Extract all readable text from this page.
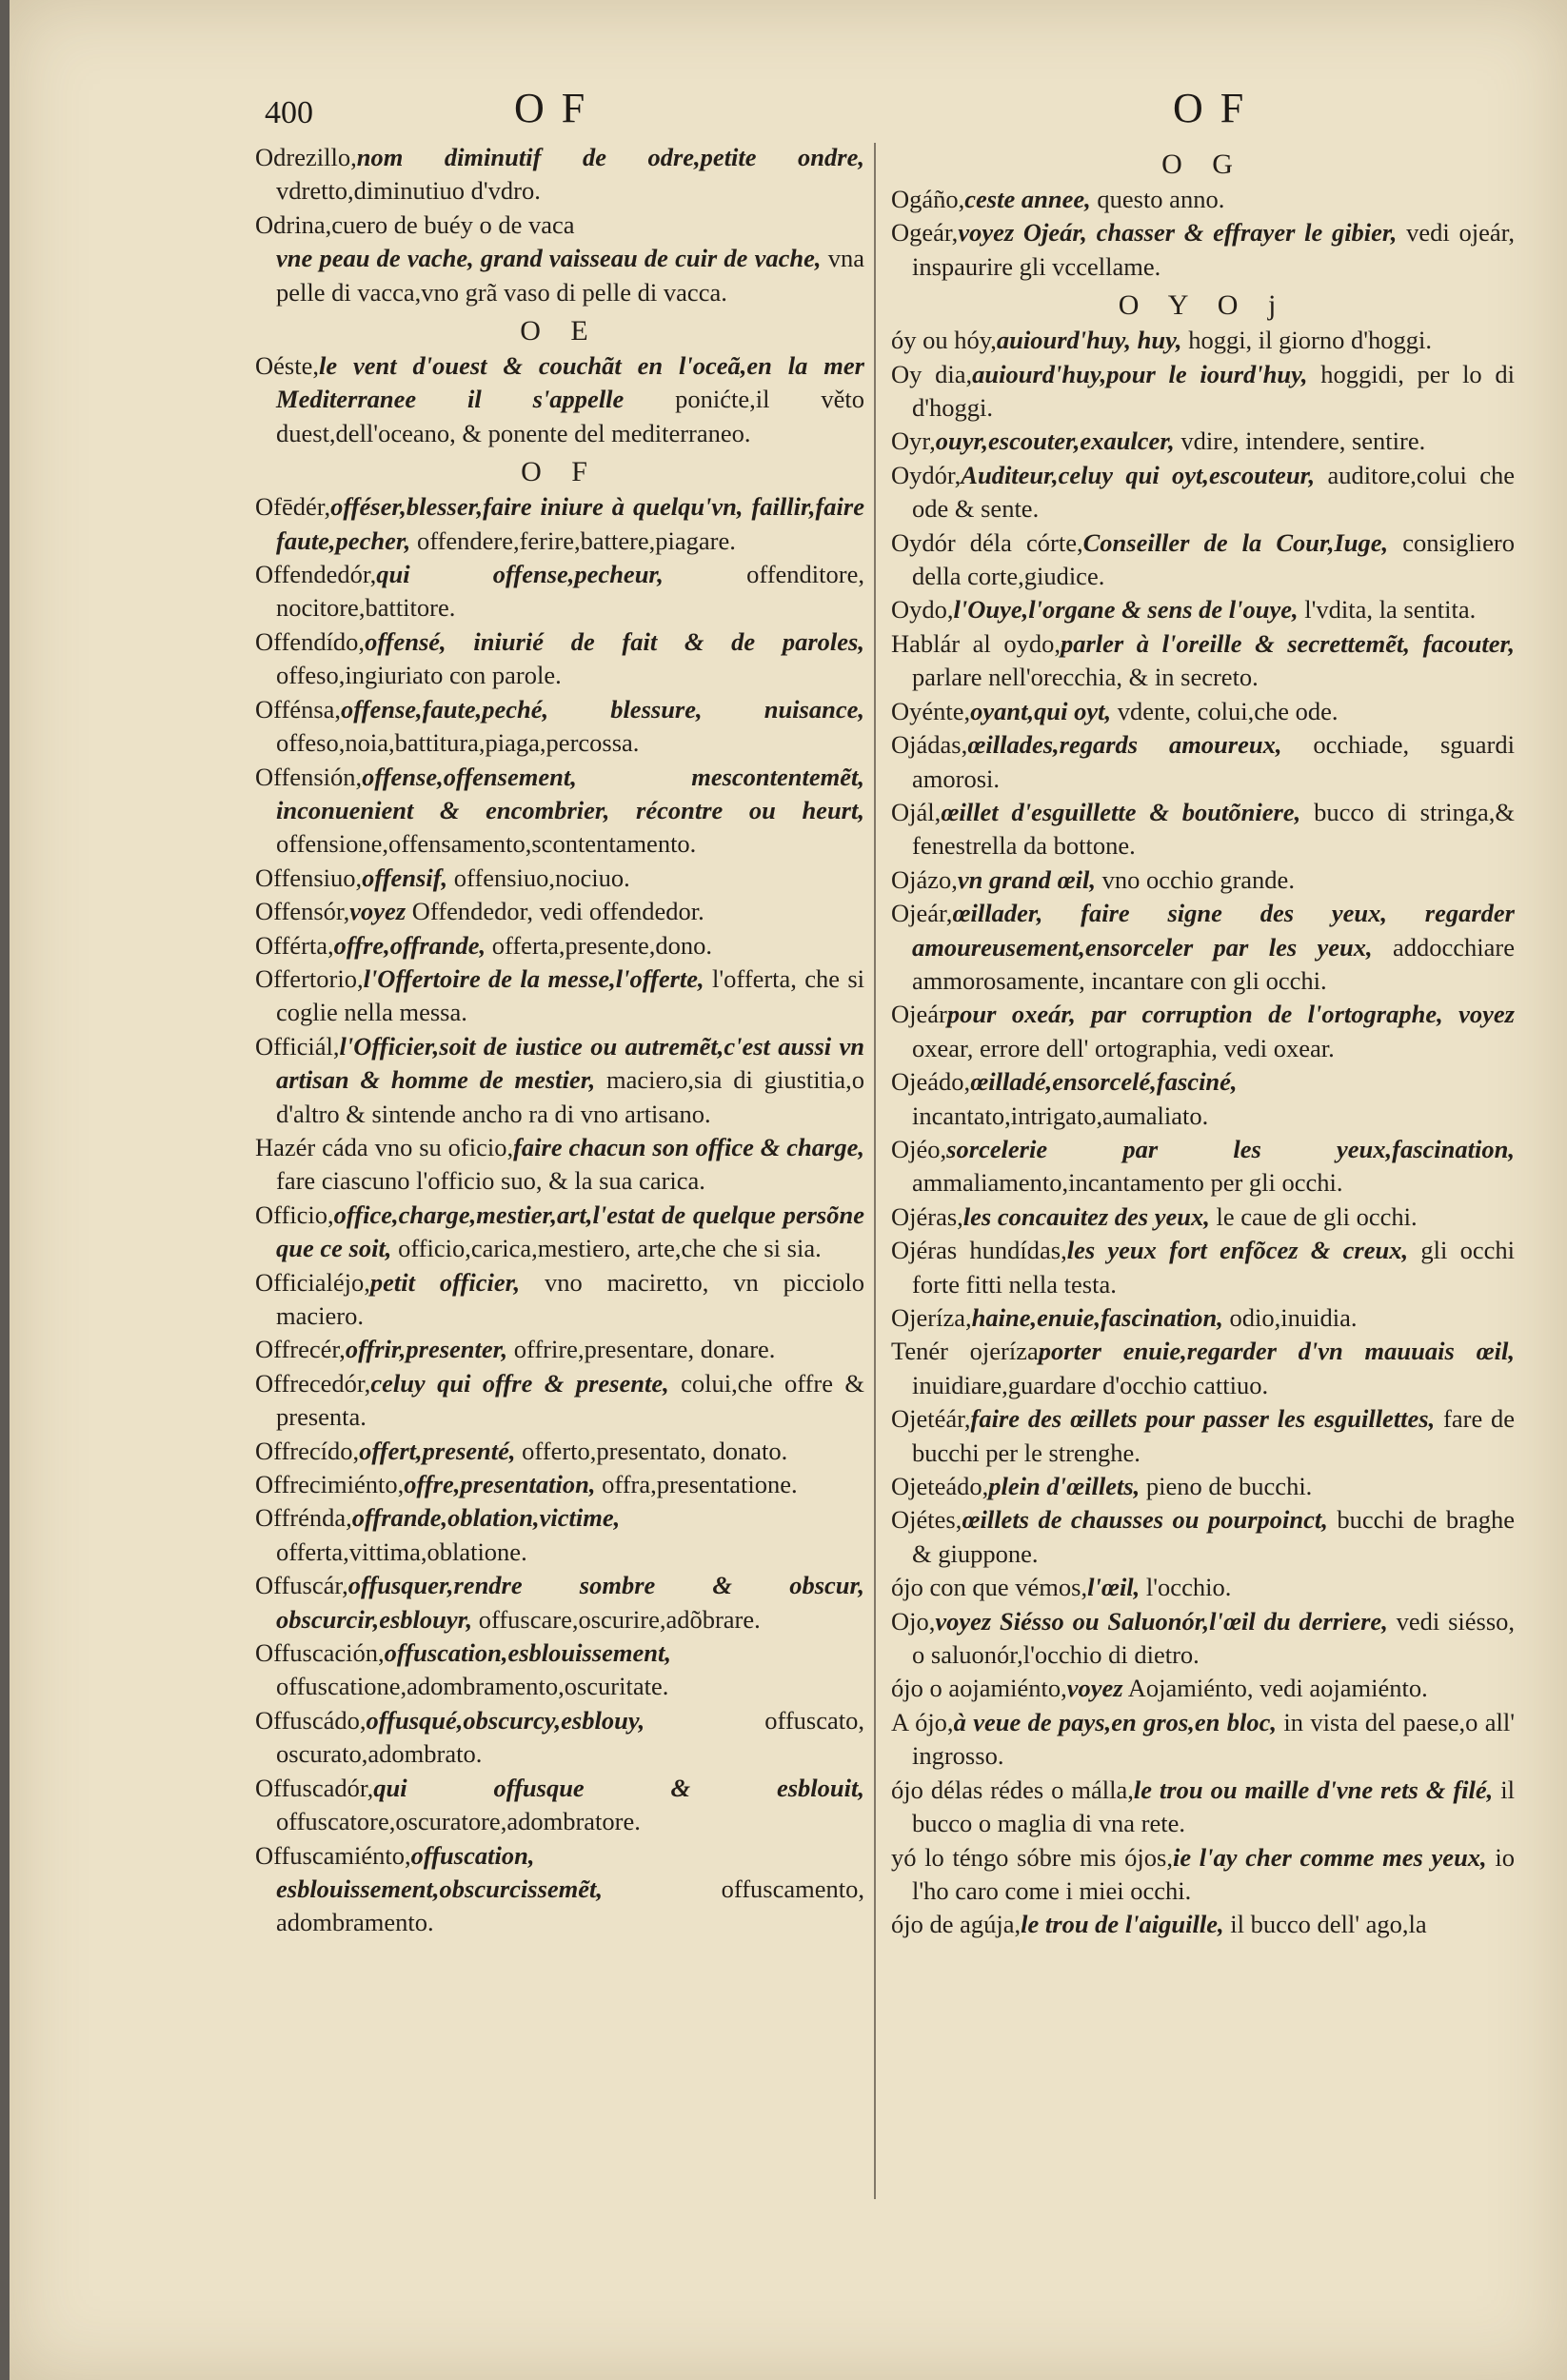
400	OF	OF
Odrezillo,nom diminutif de odre,petite ondre, vdretto,diminutiuo d'vdro.
Odrina,cuero de buéy o de vaca
vne peau de vache, grand vaisseau de cuir de vache, vna pelle di vacca,vno grã vaso di pelle di vacca.
O E
Oéste,le vent d'ouest & couchãt en l'oceã,en la mer Mediterranee il s'appelle ponićte,il věto duest,dell'oceano, & ponente del mediterraneo.
O F
Ofēdér,offéser,blesser,faire iniure à quelqu'vn, faillir,faire faute,pecher, offendere,ferire,battere,piagare.
Offendedór,qui offense,pecheur,	offenditore, nocitore,battitore.
Offendído,offensé, iniurié de fait & de paroles, offeso,ingiuriato con parole.
Offénsa,offense,faute,peché, blessure, nuisance, offeso,noia,battitura,piaga,percossa.
Offensión,offense,offensement, mescontentemẽt, inconuenient & encombrier, récontre ou heurt, offensione,offensamento,scontentamento.
Offensiuo,offensif, offensiuo,nociuo.
Offensór,voyez Offendedor, vedi offendedor.
Offérta,offre,offrande, offerta,presente,dono.
Offertorio,l'Offertoire de la messe,l'offerte, l'offerta, che si coglie nella messa.
Officiál,l'Officier,soit de iustice ou autremẽt,c'est aussi vn artisan & homme de mestier, maciero,sia di giustitia,o d'altro & sintende ancho ra di vno artisano.
Hazér cáda vno su oficio,faire chacun son office & charge, fare ciascuno l'officio suo, & la sua carica.
Officio,office,charge,mestier,art,l'estat de quelque persõne que ce soit, officio,carica,mestiero, arte,che che si sia.
Officialéjo,petit officier, vno maciretto, vn picciolo maciero.
Offrecér,offrir,presenter, offrire,presentare, donare.
Offrecedór,celuy qui offre & presente, colui,che offre & presenta.
Offrecído,offert,presenté, offerto,presentato, donato.
Offrecimiénto,offre,presentation, offra,presentatione.
Offrénda,offrande,oblation,victime, offerta,vittima,oblatione.
Offuscár,offusquer,rendre sombre & obscur, obscurcir,esblouyr, offuscare,oscurire,adõbrare.
Offuscación,offuscation,esblouissement, offuscatione,adombramento,oscuritate.
Offuscádo,offusqué,obscurcy,esblouy,	offuscato, oscurato,adombrato.
Offuscadór,qui offusque & esblouit, offuscatore,oscuratore,adombratore.
Offuscamiénto,offuscation, esblouissement,obscurcissemẽt,	offuscamento, adombramento.
O G
Ogáño,ceste annee, questo anno.
Ogeár,voyez Ojeár, chasser & effrayer le gibier, vedi ojeár, inspaurire gli vccellame.
O Y O j
óy ou hóy,auiourd'huy, huy, hoggi, il giorno d'hoggi.
Oy dia,auiourd'huy,pour le iourd'huy, hoggidi, per lo di d'hoggi.
Oyr,ouyr,escouter,exaulcer, vdire, intendere, sentire.
Oydór,Auditeur,celuy qui oyt,escouteur, auditore,colui che ode & sente.
Oydór déla córte,Conseiller de la Cour,Iuge, consigliero della corte,giudice.
Oydo,l'Ouye,l'organe & sens de l'ouye, l'vdita, la sentita.
Hablár al oydo,parler à l'oreille & secrettemẽt, facouter, parlare nell'orecchia, & in secreto.
Oyénte,oyant,qui oyt, vdente, colui,che ode.
Ojádas,œillades,regards amoureux, occhiade, sguardi amorosi.
Ojál,œillet d'esguillette & boutõniere, bucco di stringa,& fenestrella da bottone.
Ojázo,vn grand œil, vno occhio grande.
Ojeár,œillader, faire signe des yeux, regarder amoureusement,ensorceler par les yeux, addocchiare ammorosamente, incantare con gli occhi.
Ojeárpour oxeár, par corruption de l'ortographe, voyez oxear, errore dell' ortographia, vedi oxear.
Ojeádo,œilladé,ensorcelé,fasciné, incantato,intrigato,aumaliato.
Ojéo,sorcelerie par les yeux,fascination, ammaliamento,incantamento per gli occhi.
Ojéras,les concauitez des yeux, le caue de gli occhi.
Ojéras hundídas,les yeux fort enfõcez & creux, gli occhi forte fitti nella testa.
Ojeríza,haine,enuie,fascination, odio,inuidia.
Tenér ojerízaporter enuie,regarder d'vn mauuais œil, inuidiare,guardare d'occhio cattiuo.
Ojetéár,faire des œillets pour passer les esguillettes, fare de bucchi per le strenghe.
Ojeteádo,plein d'œillets, pieno de bucchi.
Ojétes,œillets de chausses ou pourpoinct, bucchi de braghe & giuppone.
ójo con que vémos,l'œil, l'occhio.
Ojo,voyez Siésso ou Saluonór,l'œil du derriere, vedi siésso, o saluonór,l'occhio di dietro.
ójo o aojamiénto,voyez Aojamiénto, vedi aojamiénto.
A ójo,à veue de pays,en gros,en bloc, in vista del paese,o all' ingrosso.
ójo délas rédes o málla,le trou ou maille d'vne rets & filé, il bucco o maglia di vna rete.
yó lo téngo sóbre mis ójos,ie l'ay cher comme mes yeux, io l'ho caro come i miei occhi.
ójo de agúja,le trou de l'aiguille, il bucco dell' ago,la
